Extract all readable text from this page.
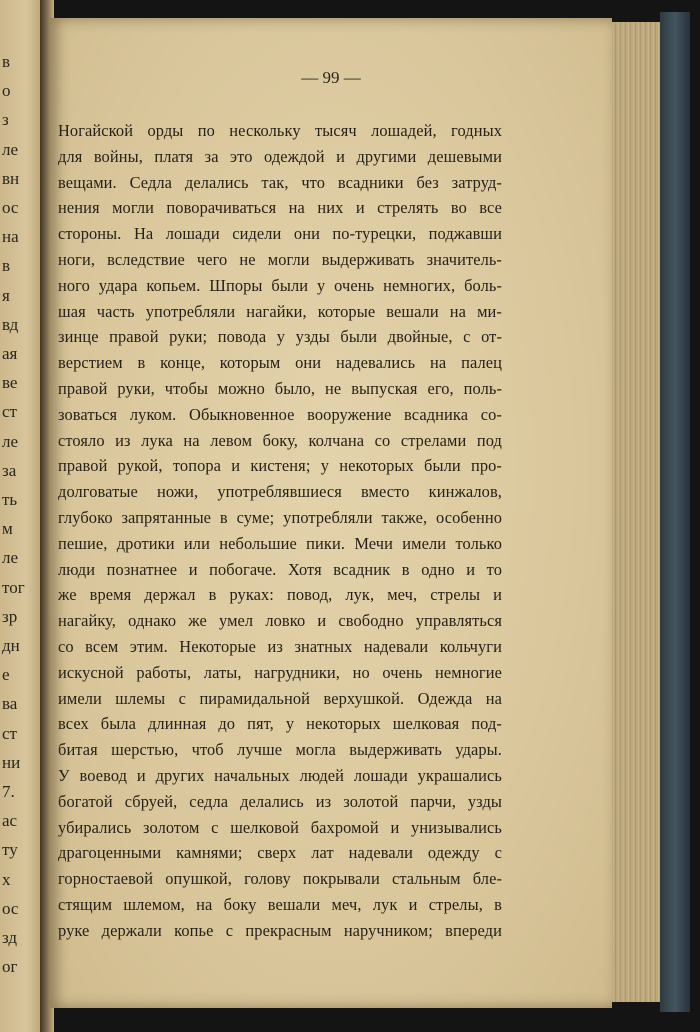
в
о
з
ле
вн
ос
на
в
я
вд
ая
ве
ст
ле
за
ть
м
ле
тог
зр
дн
е
ва
ст
ни
7.
ас
ту
х
ос
зд
ог
— 99 —
Ногайской орды по нескольку тысяч лошадей, годных
для войны, платя за это одеждой и другими дешевыми
вещами. Седла делались так, что всадники без затруд-
нения могли поворачиваться на них и стрелять во все
стороны. На лошади сидели они по-турецки, поджавши
ноги, вследствие чего не могли выдерживать значитель-
ного удара копьем. Шпоры были у очень немногих, боль-
шая часть употребляли нагайки, которые вешали на ми-
зинце правой руки; повода у узды были двойные, с от-
верстием в конце, которым они надевались на палец
правой руки, чтобы можно было, не выпуская его, поль-
зоваться луком. Обыкновенное вооружение всадника со-
стояло из лука на левом боку, колчана со стрелами под
правой рукой, топора и кистеня; у некоторых были про-
долговатые ножи, употреблявшиеся вместо кинжалов,
глубоко запрятанные в суме; употребляли также, особенно
пешие, дротики или небольшие пики. Мечи имели только
люди познатнее и побогаче. Хотя всадник в одно и то
же время держал в руках: повод, лук, меч, стрелы и
нагайку, однако же умел ловко и свободно управляться
со всем этим. Некоторые из знатных надевали кольчуги
искусной работы, латы, нагрудники, но очень немногие
имели шлемы с пирамидальной верхушкой. Одежда на
всех была длинная до пят, у некоторых шелковая под-
битая шерстью, чтоб лучше могла выдерживать удары.
У воевод и других начальных людей лошади украшались
богатой сбруей, седла делались из золотой парчи, узды
убирались золотом с шелковой бахромой и унизывались
драгоценными камнями; сверх лат надевали одежду с
горностаевой опушкой, голову покрывали стальным бле-
стящим шлемом, на боку вешали меч, лук и стрелы, в
руке держали копье с прекрасным наручником; впереди
